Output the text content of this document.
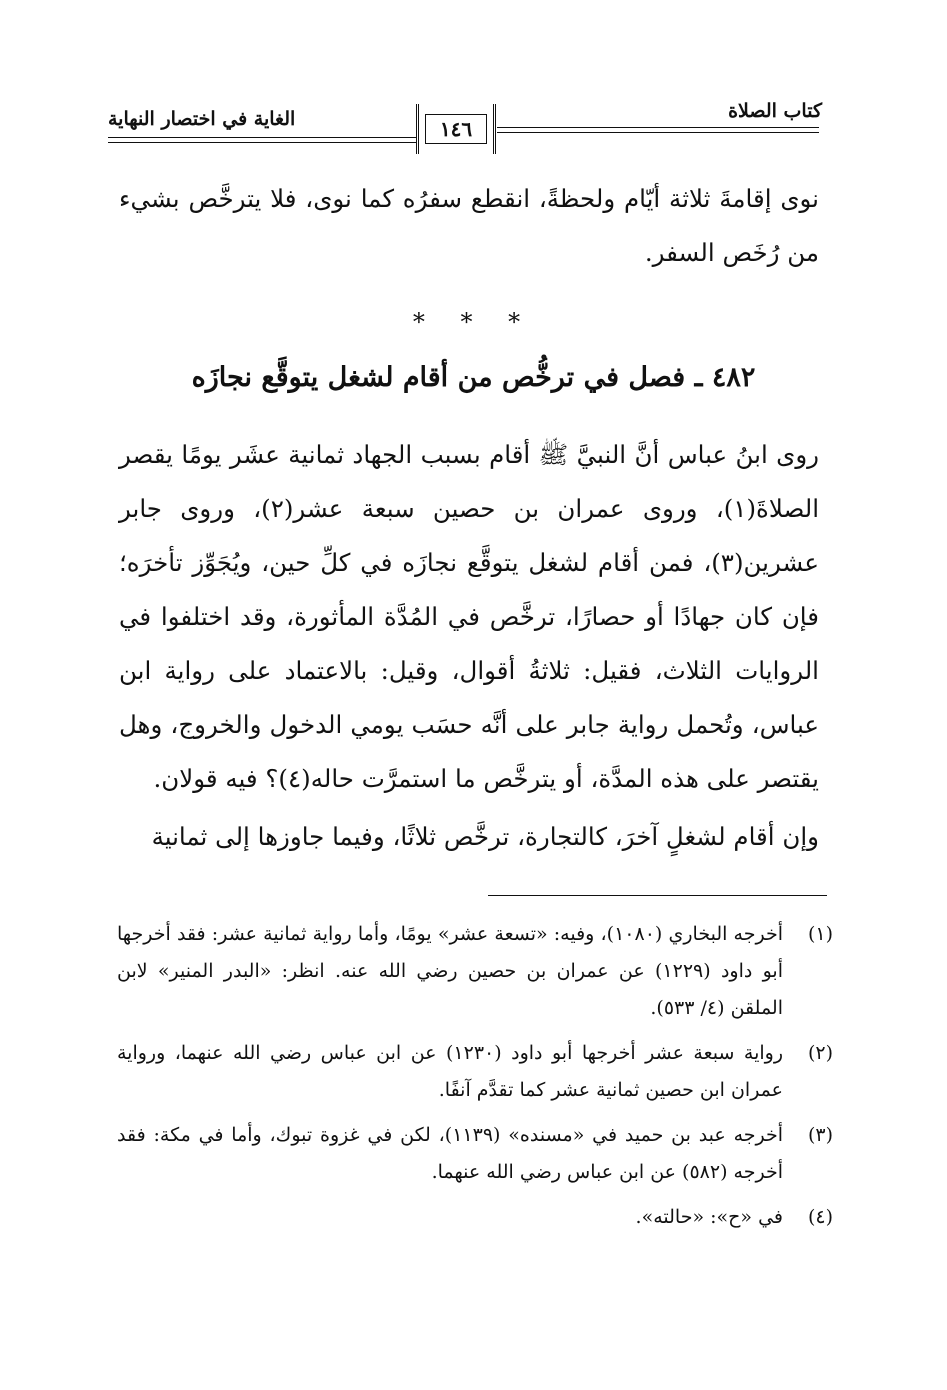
كتاب الصلاة
الغاية في اختصار النهاية	١٤٦
نوى إقامةَ ثلاثة أيّام ولحظةً، انقطع سفرُه كما نوى، فلا يترخَّص بشيء من رُخَص السفر.
* * *
٤٨٢ ـ فصل في ترخُّص من أقام لشغل يتوقَّع نجازَه
روى ابنُ عباس أنَّ النبيَّ ﷺ أقام بسبب الجهاد ثمانية عشَر يومًا يقصر الصلاةَ(١)، وروى عمران بن حصين سبعة عشر(٢)، وروى جابر عشرين(٣)، فمن أقام لشغل يتوقَّع نجازَه في كلِّ حين، ويُجَوِّز تأخرَه؛ فإن كان جهادًا أو حصارًا، ترخَّص في المُدَّة المأثورة، وقد اختلفوا في الروايات الثلاث، فقيل: ثلاثةُ أقوال، وقيل: بالاعتماد على رواية ابن عباس، وتُحمل رواية جابر على أنَّه حسَب يومي الدخول والخروج، وهل يقتصر على هذه المدَّة، أو يترخَّص ما استمرَّت حاله(٤)؟ فيه قولان.
وإن أقام لشغلٍ آخرَ، كالتجارة، ترخَّص ثلاثًا، وفيما جاوزها إلى ثمانية
(١)
أخرجه البخاري (١٠٨٠)، وفيه: «تسعة عشر» يومًا، وأما رواية ثمانية عشر: فقد أخرجها أبو داود (١٢٢٩) عن عمران بن حصين رضي الله عنه. انظر: «البدر المنير» لابن الملقن (٤/ ٥٣٣).
(٢)
رواية سبعة عشر أخرجها أبو داود (١٢٣٠) عن ابن عباس رضي الله عنهما، ورواية عمران ابن حصين ثمانية عشر كما تقدَّم آنفًا.
(٣)
أخرجه عبد بن حميد في «مسنده» (١١٣٩)، لكن في غزوة تبوك، وأما في مكة: فقد أخرجه (٥٨٢) عن ابن عباس رضي الله عنهما.
(٤)
في «ح»: «حالته».
